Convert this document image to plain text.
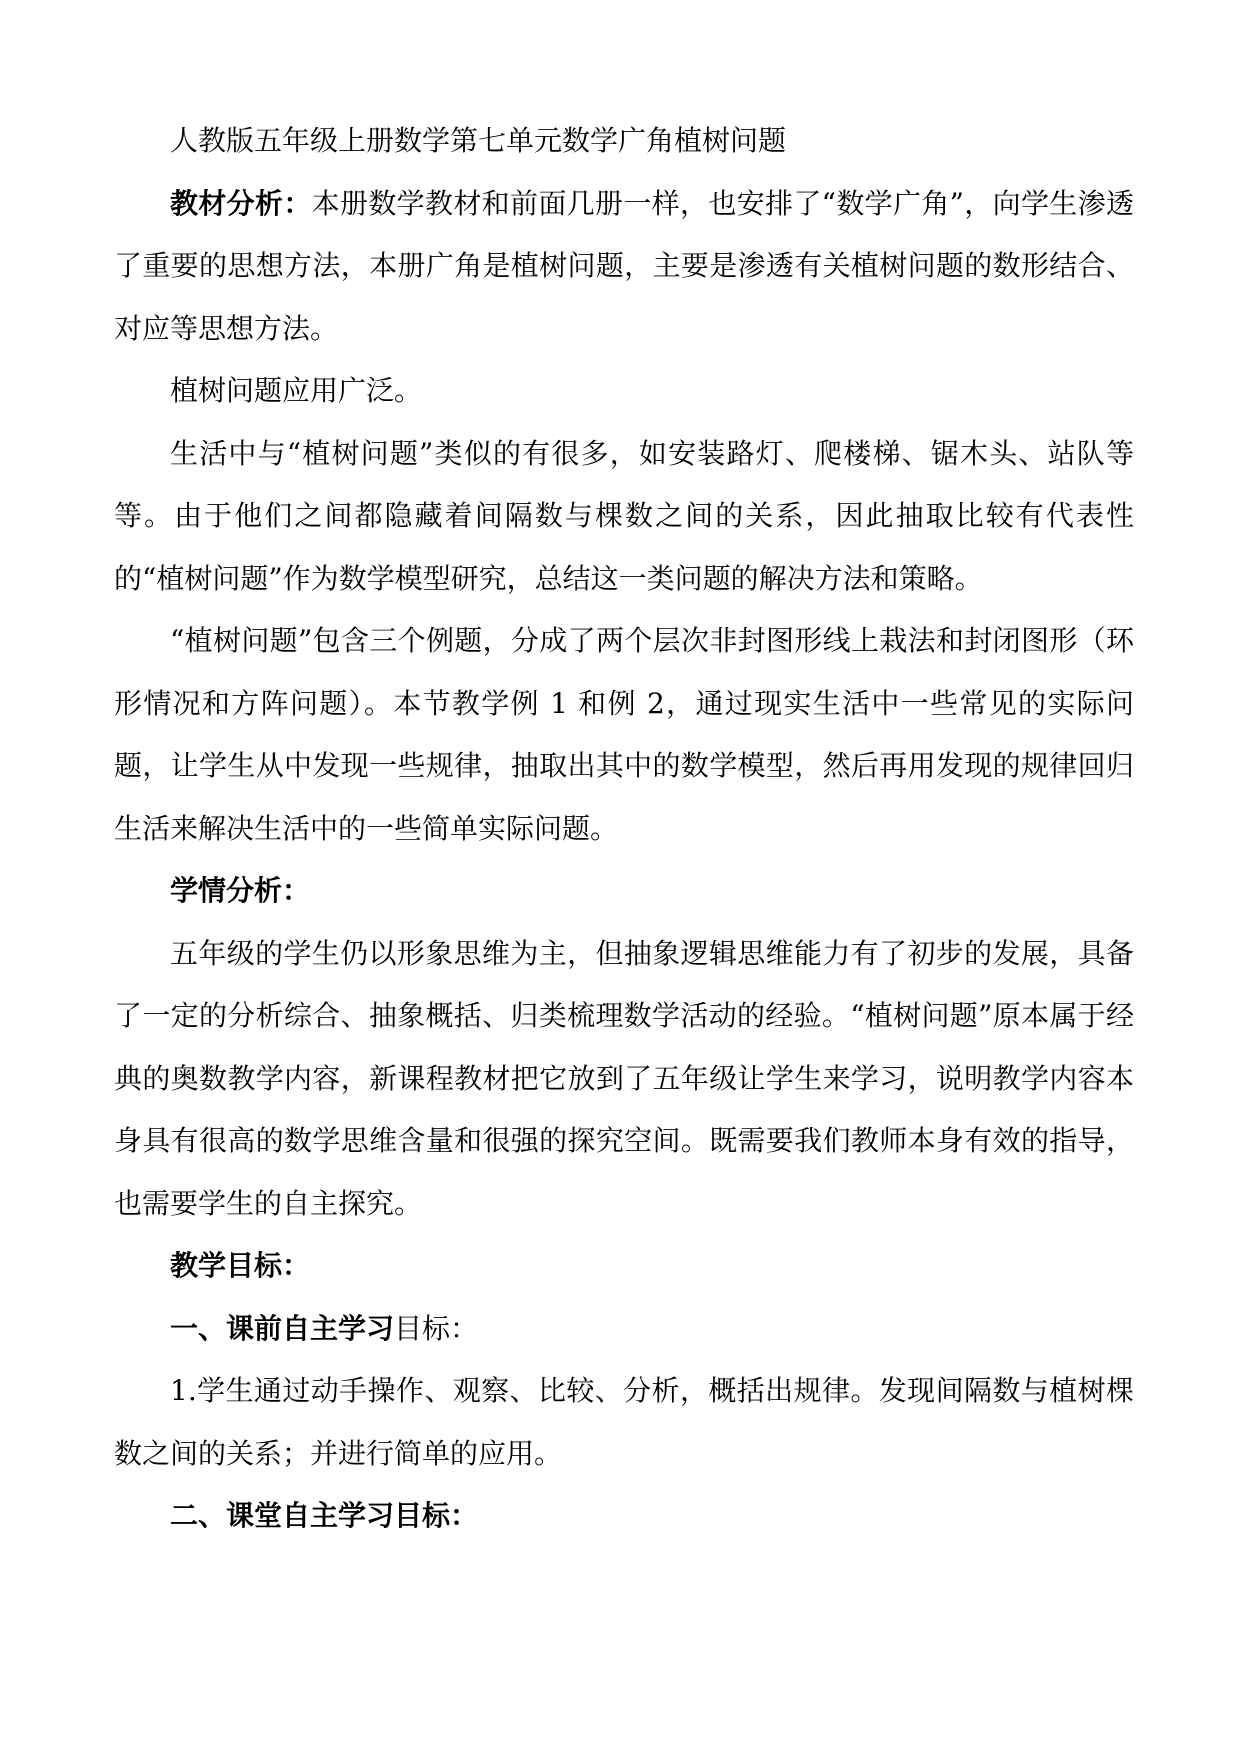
人教版五年级上册数学第七单元数学广角植树问题

教材分析：本册数学教材和前面几册一样，也安排了“数学广角”，向学生渗透了重要的思想方法，本册广角是植树问题，主要是渗透有关植树问题的数形结合、对应等思想方法。

植树问题应用广泛。

生活中与“植树问题”类似的有很多，如安装路灯、爬楼梯、锯木头、站队等等。由于他们之间都隐藏着间隔数与棵数之间的关系，因此抽取比较有代表性的“植树问题”作为数学模型研究，总结这一类问题的解决方法和策略。

“植树问题”包含三个例题，分成了两个层次非封图形线上栽法和封闭图形（环形情况和方阵问题）。本节教学例 1 和例 2，通过现实生活中一些常见的实际问题，让学生从中发现一些规律，抽取出其中的数学模型，然后再用发现的规律回归生活来解决生活中的一些简单实际问题。

学情分析：

五年级的学生仍以形象思维为主，但抽象逻辑思维能力有了初步的发展，具备了一定的分析综合、抽象概括、归类梳理数学活动的经验。“植树问题”原本属于经典的奥数教学内容，新课程教材把它放到了五年级让学生来学习，说明教学内容本身具有很高的数学思维含量和很强的探究空间。既需要我们教师本身有效的指导，也需要学生的自主探究。

教学目标：

一、课前自主学习目标：

1.学生通过动手操作、观察、比较、分析，概括出规律。发现间隔数与植树棵数之间的关系；并进行简单的应用。

二、课堂自主学习目标：
